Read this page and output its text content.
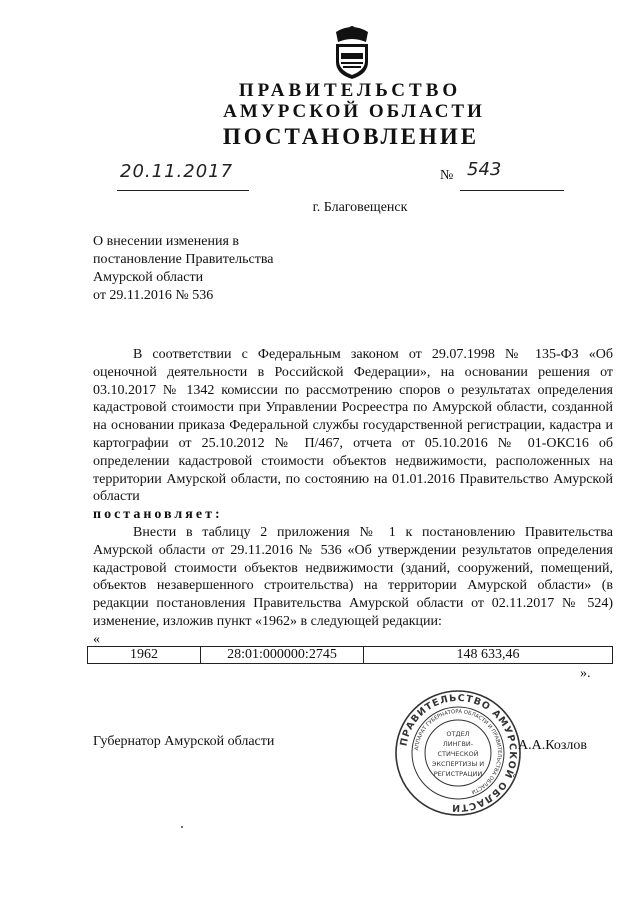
ПРАВИТЕЛЬСТВО
АМУРСКОЙ ОБЛАСТИ
ПОСТАНОВЛЕНИЕ
20.11.2017	№ 543
г. Благовещенск
О внесении изменения в
постановление Правительства
Амурской области
от 29.11.2016 № 536

В соответствии с Федеральным законом от 29.07.1998 № 135-ФЗ «Об оценочной деятельности в Российской Федерации», на основании решения от 03.10.2017 № 1342 комиссии по рассмотрению споров о результатах определения кадастровой стоимости при Управлении Росреестра по Амурской области, созданной на основании приказа Федеральной службы государственной регистрации, кадастра и картографии от 25.10.2012 № П/467, отчета от 05.10.2016 № 01-ОКС16 об определении кадастровой стоимости объектов недвижимости, расположенных на территории Амурской области, по состоянию на 01.01.2016 Правительство Амурской области

постановляет:

Внести в таблицу 2 приложения № 1 к постановлению Правительства Амурской области от 29.11.2016 № 536 «Об утверждении результатов определения кадастровой стоимости объектов недвижимости (зданий, сооружений, помещений, объектов незавершенного строительства) на территории Амурской области» (в редакции постановления Правительства Амурской области от 02.11.2017 № 524) изменение, изложив пункт «1962» в следующей редакции:

«
1962	28:01:000000:2745	148 633,46
».
Губернатор Амурской области	ПРАВИТЕЛЬСТВО АМУРСКОЙ ОБЛАСТИ
АППАРАТ ГУБЕРНАТОРА ОБЛАСТИ И ПРАВИТЕЛЬСТВА ОБЛАСТИ
ОТДЕЛ
ЛИНГВИ-
СТИЧЕСКОЙ
ЭКСПЕРТИЗЫ И
РЕГИСТРАЦИИ
А.А.Козлов
